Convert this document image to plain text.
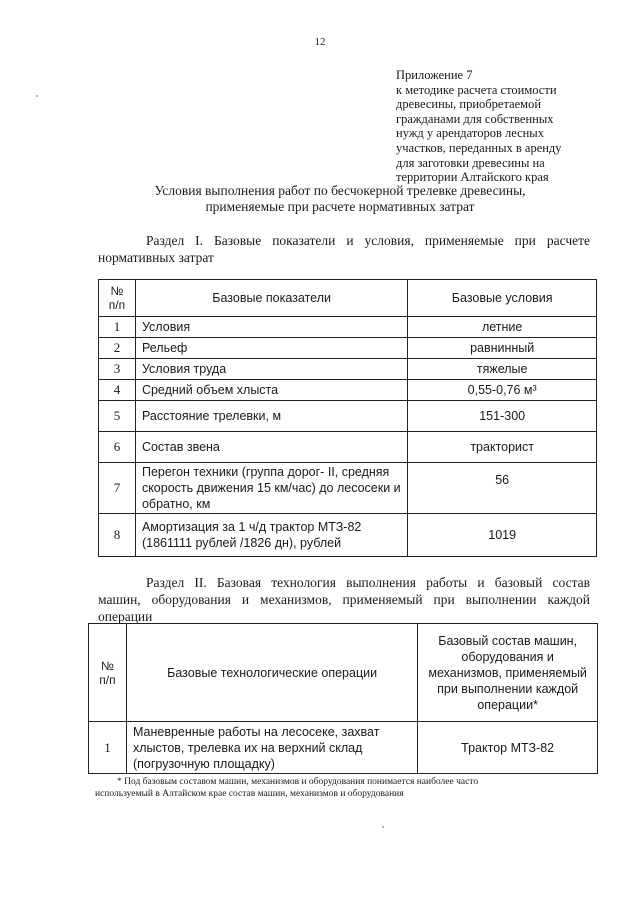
12
Приложение 7
к методике расчета стоимости
древесины, приобретаемой
гражданами для собственных
нужд у арендаторов лесных
участков, переданных в аренду
для заготовки древесины на
территории Алтайского края
Условия выполнения работ по бесчокерной трелевке древесины,
применяемые при расчете нормативных затрат
Раздел I. Базовые показатели и условия, применяемые при расчете
нормативных затрат
№ п/п	Базовые показатели	Базовые условия
1	Условия	летние
2	Рельеф	равнинный
3	Условия труда	тяжелые
4	Средний объем хлыста	0,55-0,76 м³
5	Расстояние трелевки, м	151-300
6	Состав звена	тракторист
7	Перегон техники (группа дорог- II, средняя скорость движения 15 км/час) до лесосеки и обратно, км	56
8	Амортизация за 1 ч/д трактор МТЗ-82 (1861111 рублей /1826 дн), рублей	1019
Раздел II. Базовая технология выполнения работы и базовый состав
машин, оборудования и механизмов, применяемый при выполнении каждой
операции
№ п/п	Базовые технологические операции	Базовый состав машин, оборудования и механизмов, применяемый при выполнении каждой операции*
1	Маневренные работы на лесосеке, захват хлыстов, трелевка их на верхний склад (погрузочную площадку)	Трактор МТЗ-82
* Под базовым составом машин, механизмов и оборудования понимается наиболее часто
используемый в Алтайском крае состав машин, механизмов и оборудования
